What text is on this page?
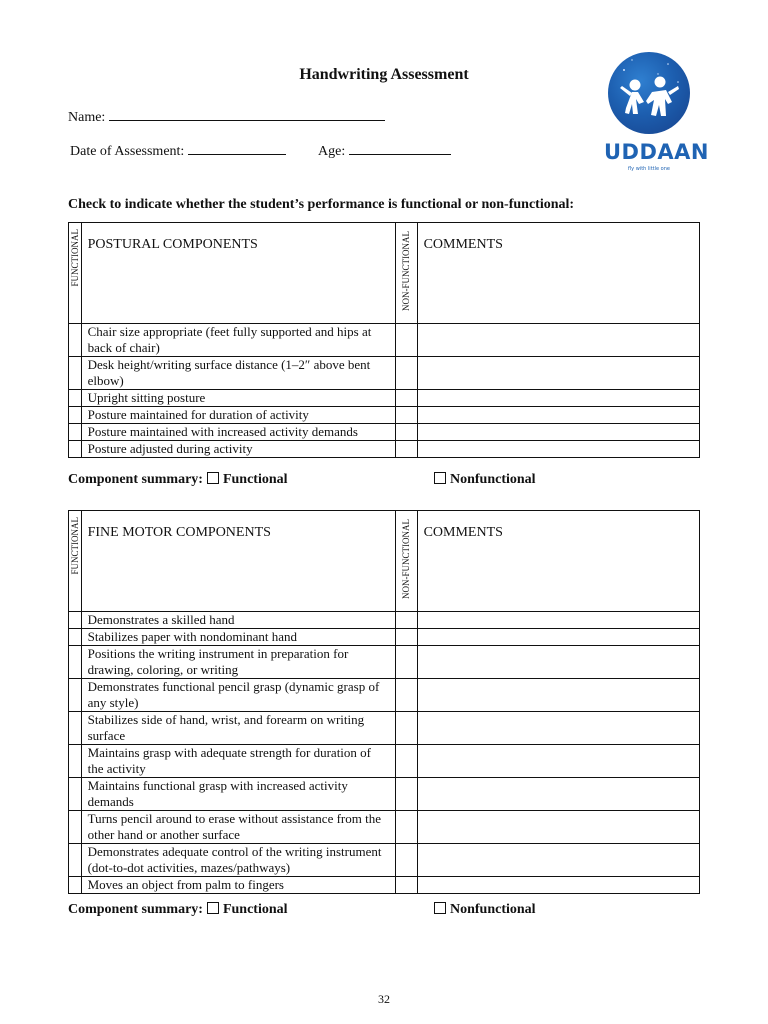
Handwriting Assessment
Name:
Date of Assessment:	Age:	UDDAAN
fly with little one
Check to indicate whether the student’s performance is functional or non-functional:
FUNCTIONAL	POSTURAL COMPONENTS	NON-FUNCTIONAL	COMMENTS
	Chair size appropriate (feet fully supported and hips at back of chair)		
	Desk height/writing surface distance (1–2″ above bent elbow)		
	Upright sitting posture		
	Posture maintained for duration of activity		
	Posture maintained with increased activity demands		
	Posture adjusted during activity		
Component summary: Functional	Nonfunctional
FUNCTIONAL	FINE MOTOR COMPONENTS	NON-FUNCTIONAL	COMMENTS
	Demonstrates a skilled hand		
	Stabilizes paper with nondominant hand		
	Positions the writing instrument in preparation for drawing, coloring, or writing		
	Demonstrates functional pencil grasp (dynamic grasp of any style)		
	Stabilizes side of hand, wrist, and forearm on writing surface		
	Maintains grasp with adequate strength for duration of the activity		
	Maintains functional grasp with increased activity demands		
	Turns pencil around to erase without assistance from the other hand or another surface		
	Demonstrates adequate control of the writing instrument (dot-to-dot activities, mazes/pathways)		
	Moves an object from palm to fingers		
Component summary: Functional	Nonfunctional
32
